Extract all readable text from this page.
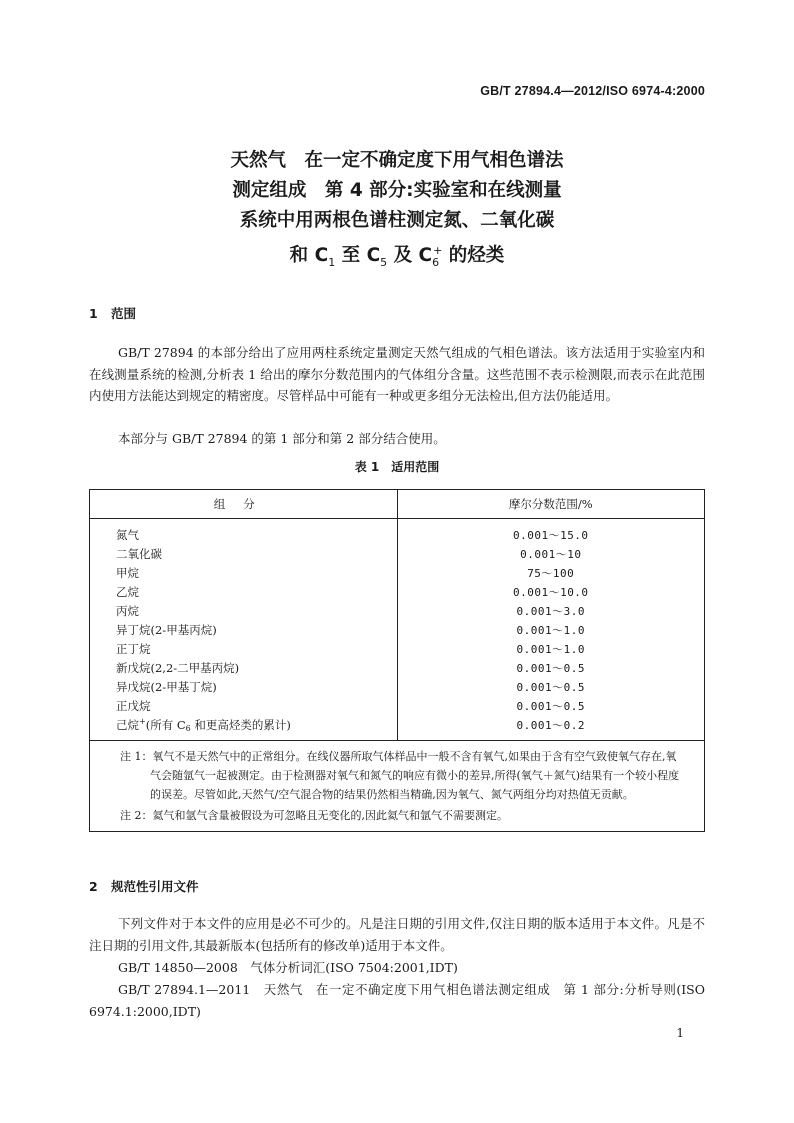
GB/T 27894.4—2012/ISO 6974-4:2000
天然气　在一定不确定度下用气相色谱法
测定组成　第 4 部分:实验室和在线测量
系统中用两根色谱柱测定氮、二氧化碳
和 $C_1$ 至 $C_5$ 及 $C_6^+$ 的烃类
1 范围
GB/T 27894 的本部分给出了应用两柱系统定量测定天然气组成的气相色谱法。该方法适用于实验室内和在线测量系统的检测,分析表 1 给出的摩尔分数范围内的气体组分含量。这些范围不表示检测限,而表示在此范围内使用方法能达到规定的精密度。尽管样品中可能有一种或更多组分无法检出,但方法仍能适用。
本部分与 GB/T 27894 的第 1 部分和第 2 部分结合使用。
表 1　适用范围
组分	摩尔分数范围/%
氮气	0.001～15.0
二氧化碳	0.001～10
甲烷	75～100
乙烷	0.001～10.0
丙烷	0.001～3.0
异丁烷(2-甲基丙烷)	0.001～1.0
正丁烷	0.001～1.0
新戊烷(2,2-二甲基丙烷)	0.001～0.5
异戊烷(2-甲基丁烷)	0.001～0.5
正戊烷	0.001～0.5
己烷+(所有 C6 和更高烃类的累计)	0.001～0.2

注 1：氧气不是天然气中的正常组分。在线仪器所取气体样品中一般不含有氧气,如果由于含有空气致使氧气存在,氧气会随氩气一起被测定。由于检测器对氧气和氮气的响应有微小的差异,所得(氧气＋氮气)结果有一个较小程度的误差。尽管如此,天然气/空气混合物的结果仍然相当精确,因为氧气、氮气两组分均对热值无贡献。
注 2：氦气和氩气含量被假设为可忽略且无变化的,因此氦气和氩气不需要测定。	
2 规范性引用文件
下列文件对于本文件的应用是必不可少的。凡是注日期的引用文件,仅注日期的版本适用于本文件。凡是不注日期的引用文件,其最新版本(包括所有的修改单)适用于本文件。
GB/T 14850—2008　气体分析词汇(ISO 7504:2001,IDT)
GB/T 27894.1—2011　天然气　在一定不确定度下用气相色谱法测定组成　第 1 部分:分析导则(ISO 6974.1:2000,IDT)
1
